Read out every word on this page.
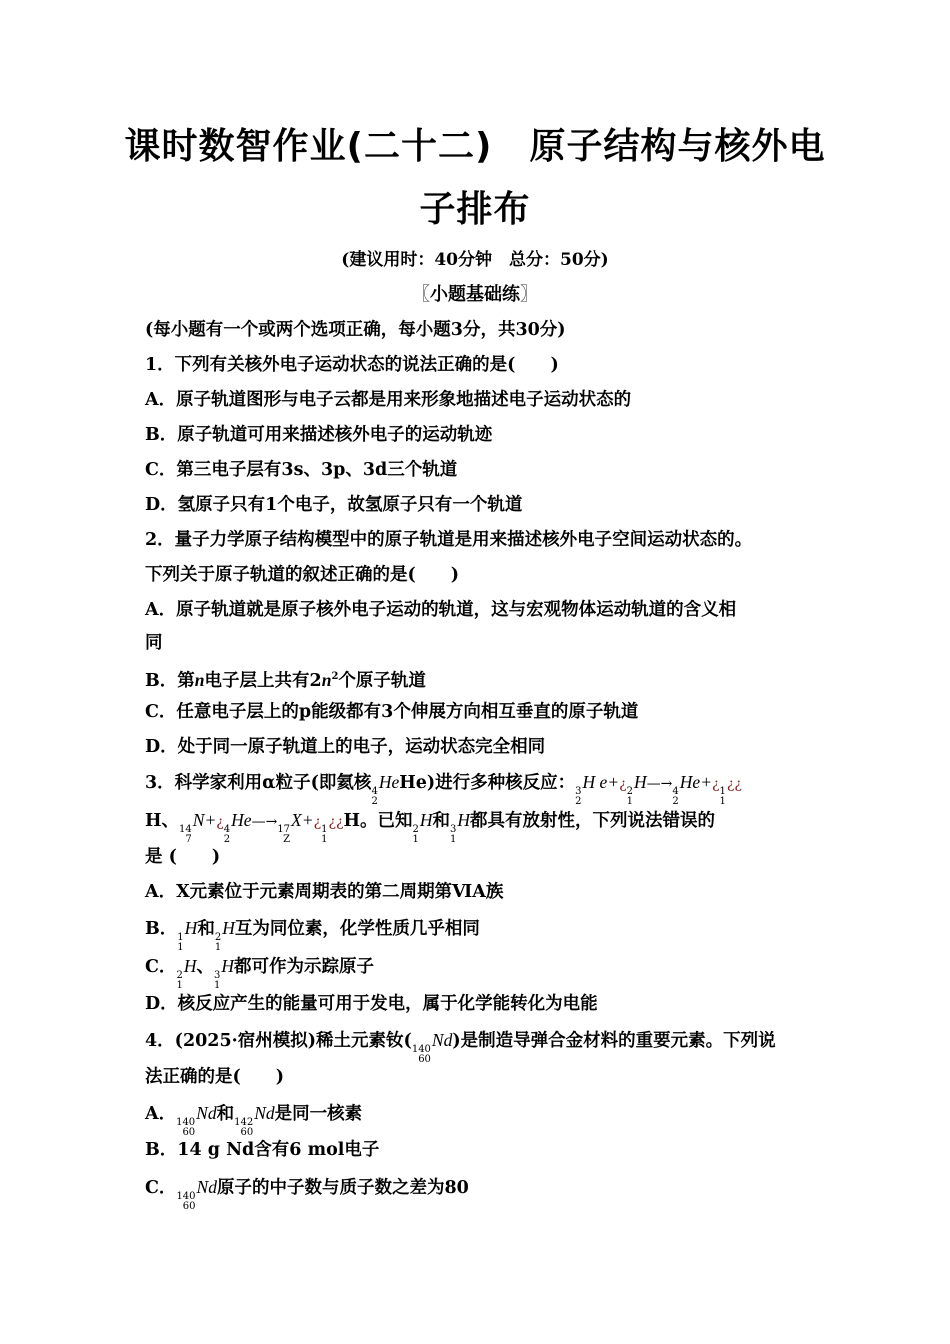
课时数智作业(二十二)　原子结构与核外电
子排布
(建议用时：40分钟　总分：50分)
〖小题基础练〗
(每小题有一个或两个选项正确，每小题3分，共30分)
1．下列有关核外电子运动状态的说法正确的是(　　)
A．原子轨道图形与电子云都是用来形象地描述电子运动状态的
B．原子轨道可用来描述核外电子的运动轨迹
C．第三电子层有3s、3p、3d三个轨道
D．氢原子只有1个电子，故氢原子只有一个轨道
2．量子力学原子结构模型中的原子轨道是用来描述核外电子空间运动状态的。
下列关于原子轨道的叙述正确的是(　　)
A．原子轨道就是原子核外电子运动的轨道，这与宏观物体运动轨道的含义相
同
B．第n电子层上共有$2n^2$个原子轨道
C．任意电子层上的p能级都有3个伸展方向相互垂直的原子轨道
D．处于同一原子轨道上的电子，运动状态完全相同
3．科学家利用α粒子(即氦核 4
2
HeHe)进行多种核反应： 3
2
H e+¿ 2
1
H—→ 4
2
He+¿ 1
1
¿¿
H、 14
7
N+¿ 4
2
He—→ 17
Z
X+¿ 1
1
¿¿H。已知 2
1
H和 3
1
H都具有放射性，下列说法错误的
是 (　　)
A．X元素位于元素周期表的第二周期第ⅥA族
B． 1
1
H和 2
1
H互为同位素，化学性质几乎相同
C． 2
1
H、 3
1
H都可作为示踪原子
D．核反应产生的能量可用于发电，属于化学能转化为电能
4．(2025·宿州模拟)稀土元素钕( 140
60
Nd)是制造导弹合金材料的重要元素。下列说
法正确的是(　　)
A． 140
60
Nd和 142
60
Nd是同一核素
B．14 g Nd含有6 mol电子
C． 140
60
Nd原子的中子数与质子数之差为80
